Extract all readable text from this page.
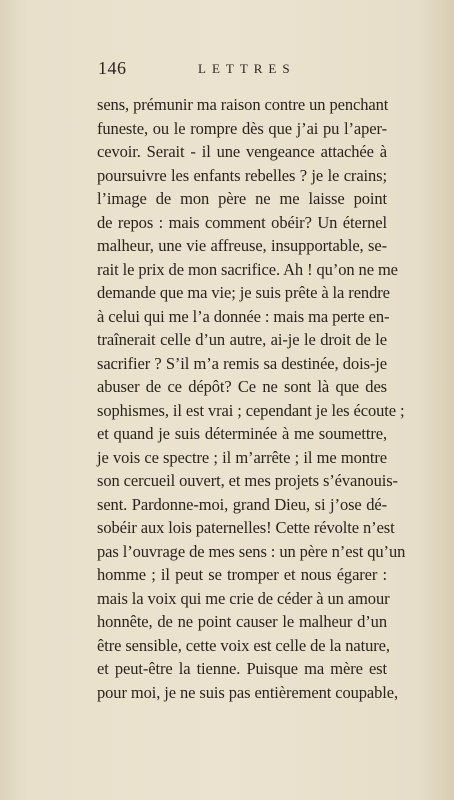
146	LETTRES
sens, prémunir ma raison contre un penchant
funeste, ou le rompre dès que j’ai pu l’aper-
cevoir. Serait - il une vengeance attachée à
poursuivre les enfants rebelles ? je le crains;
l’image de mon père ne me laisse point
de repos : mais comment obéir? Un éternel
malheur, une vie affreuse, insupportable, se-
rait le prix de mon sacrifice. Ah ! qu’on ne me
demande que ma vie; je suis prête à la rendre
à celui qui me l’a donnée : mais ma perte en-
traînerait celle d’un autre, ai-je le droit de le
sacrifier ? S’il m’a remis sa destinée, dois-je
abuser de ce dépôt? Ce ne sont là que des
sophismes, il est vrai ; cependant je les écoute ;
et quand je suis déterminée à me soumettre,
je vois ce spectre ; il m’arrête ; il me montre
son cercueil ouvert, et mes projets s’évanouis-
sent. Pardonne-moi, grand Dieu, si j’ose dé-
sobéir aux lois paternelles! Cette révolte n’est
pas l’ouvrage de mes sens : un père n’est qu’un
homme ; il peut se tromper et nous égarer :
mais la voix qui me crie de céder à un amour
honnête, de ne point causer le malheur d’un
être sensible, cette voix est celle de la nature,
et peut-être la tienne. Puisque ma mère est
pour moi, je ne suis pas entièrement coupable,
